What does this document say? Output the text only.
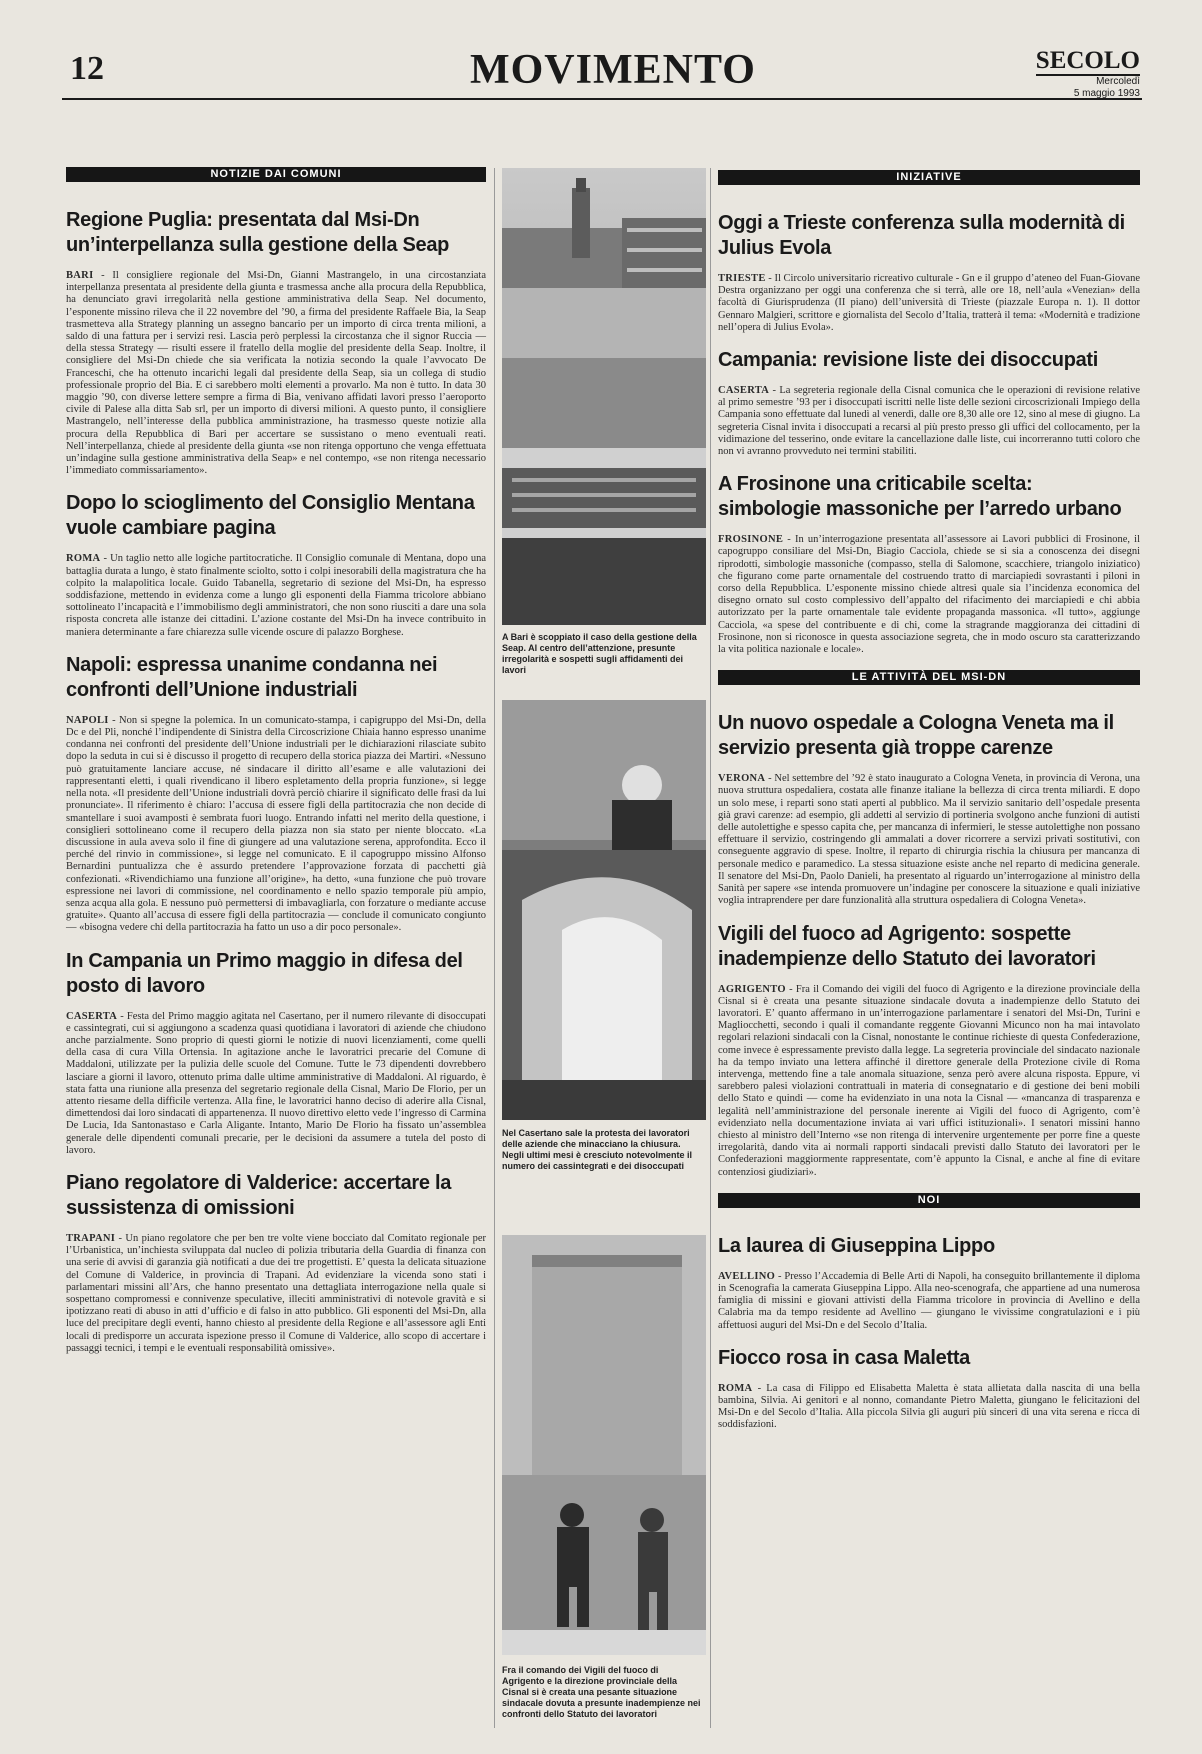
12	MOVIMENTO	SECOLO
Mercoledì
5 maggio 1993
NOTIZIE DAI COMUNI
Regione Puglia: presentata dal Msi-Dn un’interpellanza sulla gestione della Seap

BARI - Il consigliere regionale del Msi-Dn, Gianni Mastrangelo, in una circostanziata interpellanza presentata al presidente della giunta e trasmessa anche alla procura della Repubblica, ha denunciato gravi irregolarità nella gestione amministrativa della Seap. Nel documento, l’esponente missino rileva che il 22 novembre del ’90, a firma del presidente Raffaele Bia, la Seap trasmetteva alla Strategy planning un assegno bancario per un importo di circa trenta milioni, a saldo di una fattura per i servizi resi. Lascia però perplessi la circostanza che il signor Ruccia — della stessa Strategy — risulti essere il fratello della moglie del presidente della Seap. Inoltre, il consigliere del Msi-Dn chiede che sia verificata la notizia secondo la quale l’avvocato De Franceschi, che ha ottenuto incarichi legali dal presidente della Seap, sia un collega di studio professionale proprio del Bia. E ci sarebbero molti elementi a provarlo. Ma non è tutto. In data 30 maggio ’90, con diverse lettere sempre a firma di Bia, venivano affidati lavori presso l’aeroporto civile di Palese alla ditta Sab srl, per un importo di diversi milioni. A questo punto, il consigliere Mastrangelo, nell’interesse della pubblica amministrazione, ha trasmesso queste notizie alla procura della Repubblica di Bari per accertare se sussistano o meno eventuali reati. Nell’interpellanza, chiede al presidente della giunta «se non ritenga opportuno che venga effettuata un’indagine sulla gestione amministrativa della Seap» e nel contempo, «se non ritenga necessario l’immediato commissariamento».

Dopo lo scioglimento del Consiglio Mentana vuole cambiare pagina

ROMA - Un taglio netto alle logiche partitocratiche. Il Consiglio comunale di Mentana, dopo una battaglia durata a lungo, è stato finalmente sciolto, sotto i colpi inesorabili della magistratura che ha colpito la malapolitica locale. Guido Tabanella, segretario di sezione del Msi-Dn, ha espresso soddisfazione, mettendo in evidenza come a lungo gli esponenti della Fiamma tricolore abbiano sottolineato l’incapacità e l’immobilismo degli amministratori, che non sono riusciti a dare una sola risposta concreta alle istanze dei cittadini. L’azione costante del Msi-Dn ha invece contribuito in maniera determinante a fare chiarezza sulle vicende oscure di palazzo Borghese.

Napoli: espressa unanime condanna nei confronti dell’Unione industriali

NAPOLI - Non si spegne la polemica. In un comunicato-stampa, i capigruppo del Msi-Dn, della Dc e del Pli, nonché l’indipendente di Sinistra della Circoscrizione Chiaia hanno espresso unanime condanna nei confronti del presidente dell’Unione industriali per le dichiarazioni rilasciate subito dopo la seduta in cui si è discusso il progetto di recupero della storica piazza dei Martiri. «Nessuno può gratuitamente lanciare accuse, né sindacare il diritto all’esame e alle valutazioni dei rappresentanti eletti, i quali rivendicano il libero espletamento della propria funzione», si legge nella nota. «Il presidente dell’Unione industriali dovrà perciò chiarire il significato delle frasi da lui pronunciate». Il riferimento è chiaro: l’accusa di essere figli della partitocrazia che non decide di smantellare i suoi avamposti è sembrata fuori luogo. Entrando infatti nel merito della questione, i consiglieri sottolineano come il recupero della piazza non sia stato per niente bloccato. «La discussione in aula aveva solo il fine di giungere ad una valutazione serena, approfondita. Ecco il perché del rinvio in commissione», si legge nel comunicato. E il capogruppo missino Alfonso Bernardini puntualizza che è assurdo pretendere l’approvazione forzata di pacchetti già confezionati. «Rivendichiamo una funzione all’origine», ha detto, «una funzione che può trovare espressione nei lavori di commissione, nel coordinamento e nello spazio temporale più ampio, senza acqua alla gola. E nessuno può permettersi di imbavagliarla, con forzature o mediante accuse gratuite». Quanto all’accusa di essere figli della partitocrazia — conclude il comunicato congiunto — «bisogna vedere chi della partitocrazia ha fatto un uso a dir poco personale».

In Campania un Primo maggio in difesa del posto di lavoro

CASERTA - Festa del Primo maggio agitata nel Casertano, per il numero rilevante di disoccupati e cassintegrati, cui si aggiungono a scadenza quasi quotidiana i lavoratori di aziende che chiudono anche parzialmente. Sono proprio di questi giorni le notizie di nuovi licenziamenti, come quelli della casa di cura Villa Ortensia. In agitazione anche le lavoratrici precarie del Comune di Maddaloni, utilizzate per la pulizia delle scuole del Comune. Tutte le 73 dipendenti dovrebbero lasciare a giorni il lavoro, ottenuto prima dalle ultime amministrative di Maddaloni. Al riguardo, è stata fatta una riunione alla presenza del segretario regionale della Cisnal, Mario De Florio, per un attento riesame della difficile vertenza. Alla fine, le lavoratrici hanno deciso di aderire alla Cisnal, dimettendosi dai loro sindacati di appartenenza. Il nuovo direttivo eletto vede l’ingresso di Carmina De Lucia, Ida Santonastaso e Carla Aligante. Intanto, Mario De Florio ha fissato un’assemblea generale delle dipendenti comunali precarie, per le decisioni da assumere a tutela del posto di lavoro.

Piano regolatore di Valderice: accertare la sussistenza di omissioni

TRAPANI - Un piano regolatore che per ben tre volte viene bocciato dal Comitato regionale per l’Urbanistica, un’inchiesta sviluppata dal nucleo di polizia tributaria della Guardia di finanza con una serie di avvisi di garanzia già notificati a due dei tre progettisti. E’ questa la delicata situazione del Comune di Valderice, in provincia di Trapani. Ad evidenziare la vicenda sono stati i parlamentari missini all’Ars, che hanno presentato una dettagliata interrogazione nella quale si sospettano compromessi e connivenze speculative, illeciti amministrativi di notevole gravità e si ipotizzano reati di abuso in atti d’ufficio e di falso in atto pubblico. Gli esponenti del Msi-Dn, alla luce del precipitare degli eventi, hanno chiesto al presidente della Regione e all’assessore agli Enti locali di predisporre un accurata ispezione presso il Comune di Valderice, allo scopo di accertare i passaggi tecnici, i tempi e le eventuali responsabilità omissive».

A Bari è scoppiato il caso della gestione della Seap. Al centro dell’attenzione, presunte irregolarità e sospetti sugli affidamenti dei lavori
Nel Casertano sale la protesta dei lavoratori delle aziende che minacciano la chiusura. Negli ultimi mesi è cresciuto notevolmente il numero dei cassintegrati e dei disoccupati
Fra il comando dei Vigili del fuoco di Agrigento e la direzione provinciale della Cisnal si è creata una pesante situazione sindacale dovuta a presunte inadempienze nei confronti dello Statuto dei lavoratori
INIZIATIVE
Oggi a Trieste conferenza sulla modernità di Julius Evola

TRIESTE - Il Circolo universitario ricreativo culturale - Gn e il gruppo d’ateneo del Fuan-Giovane Destra organizzano per oggi una conferenza che si terrà, alle ore 18, nell’aula «Venezian» della facoltà di Giurisprudenza (II piano) dell’università di Trieste (piazzale Europa n. 1). Il dottor Gennaro Malgieri, scrittore e giornalista del Secolo d’Italia, tratterà il tema: «Modernità e tradizione nell’opera di Julius Evola».

Campania: revisione liste dei disoccupati

CASERTA - La segreteria regionale della Cisnal comunica che le operazioni di revisione relative al primo semestre ’93 per i disoccupati iscritti nelle liste delle sezioni circoscrizionali Impiego della Campania sono effettuate dal lunedì al venerdì, dalle ore 8,30 alle ore 12, sino al mese di giugno. La segreteria Cisnal invita i disoccupati a recarsi al più presto presso gli uffici del collocamento, per la vidimazione del tesserino, onde evitare la cancellazione dalle liste, cui incorreranno tutti coloro che non vi avranno provveduto nei termini stabiliti.

A Frosinone una criticabile scelta: simbologie massoniche per l’arredo urbano

FROSINONE - In un’interrogazione presentata all’assessore ai Lavori pubblici di Frosinone, il capogruppo consiliare del Msi-Dn, Biagio Cacciola, chiede se si sia a conoscenza dei disegni riprodotti, simbologie massoniche (compasso, stella di Salomone, scacchiere, triangolo iniziatico) che figurano come parte ornamentale del costruendo tratto di marciapiedi sovrastanti i piloni in corso della Repubblica. L’esponente missino chiede altresì quale sia l’incidenza economica del disegno ornato sul costo complessivo dell’appalto del rifacimento dei marciapiedi e chi abbia autorizzato per la parte ornamentale tale evidente propaganda massonica. «Il tutto», aggiunge Cacciola, «a spese del contribuente e di chi, come la stragrande maggioranza dei cittadini di Frosinone, non si riconosce in questa associazione segreta, che in modo oscuro sta caratterizzando la vita politica nazionale e locale».

LE ATTIVITÀ DEL MSI-DN
Un nuovo ospedale a Cologna Veneta ma il servizio presenta già troppe carenze

VERONA - Nel settembre del ’92 è stato inaugurato a Cologna Veneta, in provincia di Verona, una nuova struttura ospedaliera, costata alle finanze italiane la bellezza di circa trenta miliardi. E dopo un solo mese, i reparti sono stati aperti al pubblico. Ma il servizio sanitario dell’ospedale presenta già gravi carenze: ad esempio, gli addetti al servizio di portineria svolgono anche funzioni di autisti delle autolettighe e spesso capita che, per mancanza di infermieri, le stesse autolettighe non possano effettuare il servizio, costringendo gli ammalati a dover ricorrere a servizi privati sostitutivi, con conseguente aggravio di spese. Inoltre, il reparto di chirurgia rischia la chiusura per mancanza di personale medico e paramedico. La stessa situazione esiste anche nel reparto di medicina generale. Il senatore del Msi-Dn, Paolo Danieli, ha presentato al riguardo un’interrogazione al ministro della Sanità per sapere «se intenda promuovere un’indagine per conoscere la situazione e quali iniziative voglia intraprendere per dare funzionalità alla struttura ospedaliera di Cologna Veneta».

Vigili del fuoco ad Agrigento: sospette inadempienze dello Statuto dei lavoratori

AGRIGENTO - Fra il Comando dei vigili del fuoco di Agrigento e la direzione provinciale della Cisnal si è creata una pesante situazione sindacale dovuta a inadempienze dello Statuto dei lavoratori. E’ quanto affermano in un’interrogazione parlamentare i senatori del Msi-Dn, Turini e Magliocchetti, secondo i quali il comandante reggente Giovanni Micunco non ha mai intavolato regolari relazioni sindacali con la Cisnal, nonostante le continue richieste di questa Confederazione, come invece è espressamente previsto dalla legge. La segreteria provinciale del sindacato nazionale ha da tempo inviato una lettera affinché il direttore generale della Protezione civile di Roma intervenga, mettendo fine a tale anomala situazione, senza però avere alcuna risposta. Eppure, vi sarebbero palesi violazioni contrattuali in materia di consegnatario e di gestione dei beni mobili dello Stato e quindi — come ha evidenziato in una nota la Cisnal — «mancanza di trasparenza e legalità nell’amministrazione del personale inerente ai Vigili del fuoco di Agrigento, com’è evidenziato nella documentazione inviata ai vari uffici istituzionali». I senatori missini hanno chiesto al ministro dell’Interno «se non ritenga di intervenire urgentemente per porre fine a queste irregolarità, dando vita ai normali rapporti sindacali previsti dallo Statuto dei lavoratori per le Confederazioni maggiormente rappresentate, com’è appunto la Cisnal, e anche al fine di evitare contenziosi giudiziari».

NOI
La laurea di Giuseppina Lippo

AVELLINO - Presso l’Accademia di Belle Arti di Napoli, ha conseguito brillantemente il diploma in Scenografia la camerata Giuseppina Lippo. Alla neo-scenografa, che appartiene ad una numerosa famiglia di missini e giovani attivisti della Fiamma tricolore in provincia di Avellino e della Calabria ma da tempo residente ad Avellino — giungano le vivissime congratulazioni e i più affettuosi auguri del Msi-Dn e del Secolo d’Italia.

Fiocco rosa in casa Maletta

ROMA - La casa di Filippo ed Elisabetta Maletta è stata allietata dalla nascita di una bella bambina, Silvia. Ai genitori e al nonno, comandante Pietro Maletta, giungano le felicitazioni del Msi-Dn e del Secolo d’Italia. Alla piccola Silvia gli auguri più sinceri di una vita serena e ricca di soddisfazioni.
